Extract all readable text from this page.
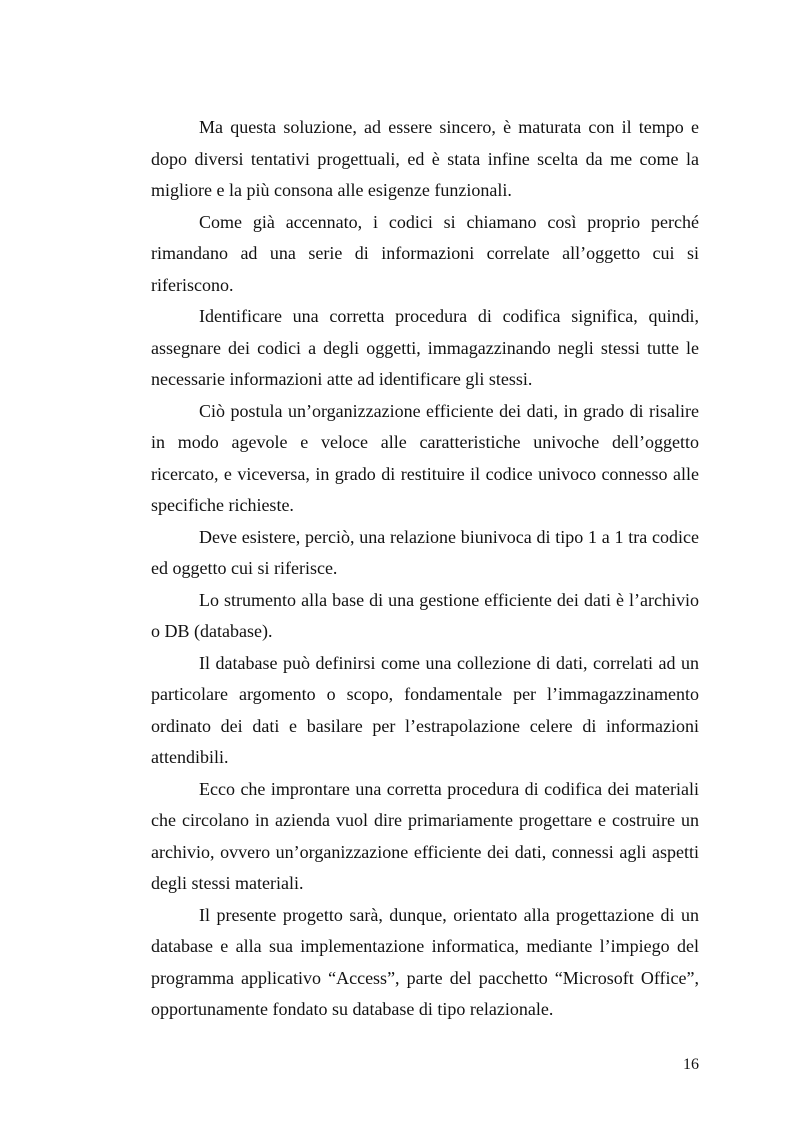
Ma questa soluzione, ad essere sincero, è maturata con il tempo e dopo diversi tentativi progettuali, ed è stata infine scelta da me come la migliore e la più consona alle esigenze funzionali.

Come già accennato, i codici si chiamano così proprio perché rimandano ad una serie di informazioni correlate all’oggetto cui si riferiscono.

Identificare una corretta procedura di codifica significa, quindi, assegnare dei codici a degli oggetti, immagazzinando negli stessi tutte le necessarie informazioni atte ad identificare gli stessi.

Ciò postula un’organizzazione efficiente dei dati, in grado di risalire in modo agevole e veloce alle caratteristiche univoche dell’oggetto ricercato, e viceversa, in grado di restituire il codice univoco connesso alle specifiche richieste.

Deve esistere, perciò, una relazione biunivoca di tipo 1 a 1 tra codice ed oggetto cui si riferisce.

Lo strumento alla base di una gestione efficiente dei dati è l’archivio o DB (database).

Il database può definirsi come una collezione di dati, correlati ad un particolare argomento o scopo, fondamentale per l’immagazzinamento ordinato dei dati e basilare per l’estrapolazione celere di informazioni attendibili.

Ecco che improntare una corretta procedura di codifica dei materiali che circolano in azienda vuol dire primariamente progettare e costruire un archivio, ovvero un’organizzazione efficiente dei dati, connessi agli aspetti degli stessi materiali.

Il presente progetto sarà, dunque, orientato alla progettazione di un database e alla sua implementazione informatica, mediante l’impiego del programma applicativo “Access”, parte del pacchetto “Microsoft Office”, opportunamente fondato su database di tipo relazionale.

16
